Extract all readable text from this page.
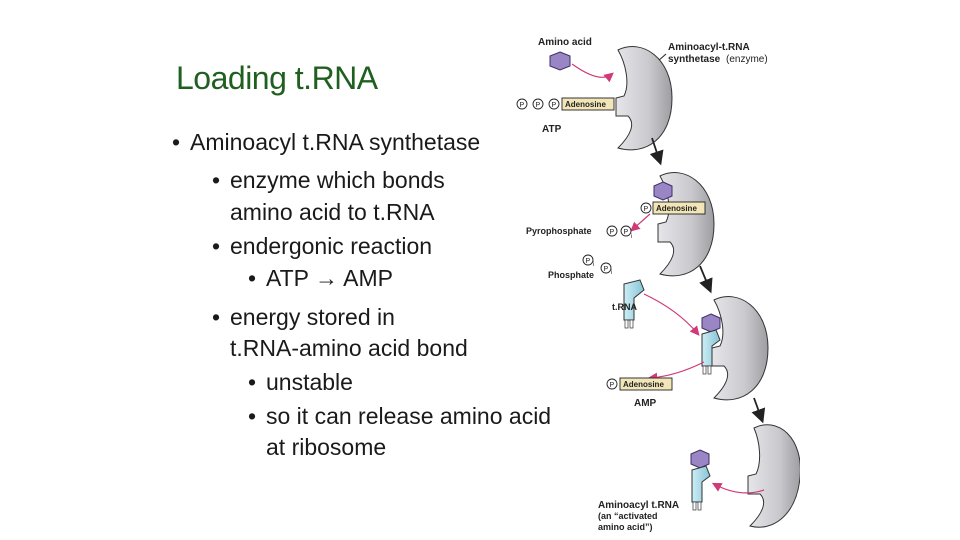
Loading t.RNA
• Aminoacyl t.RNA synthetase
• enzyme which bonds
amino acid to t.RNA
• endergonic reaction
• ATP → AMP
• energy stored in
t.RNA-amino acid bond
• unstable
• so it can release amino acid
at ribosome
Amino acid	Aminoacyl-t.RNA
synthetase (enzyme)
P P P Adenosine
ATP
P Adenosine
Pyrophosphate	P P
i
P i
P i
Phosphate
t.RNA
P Adenosine
AMP
Aminoacyl t.RNA
(an “activated
amino acid”)
